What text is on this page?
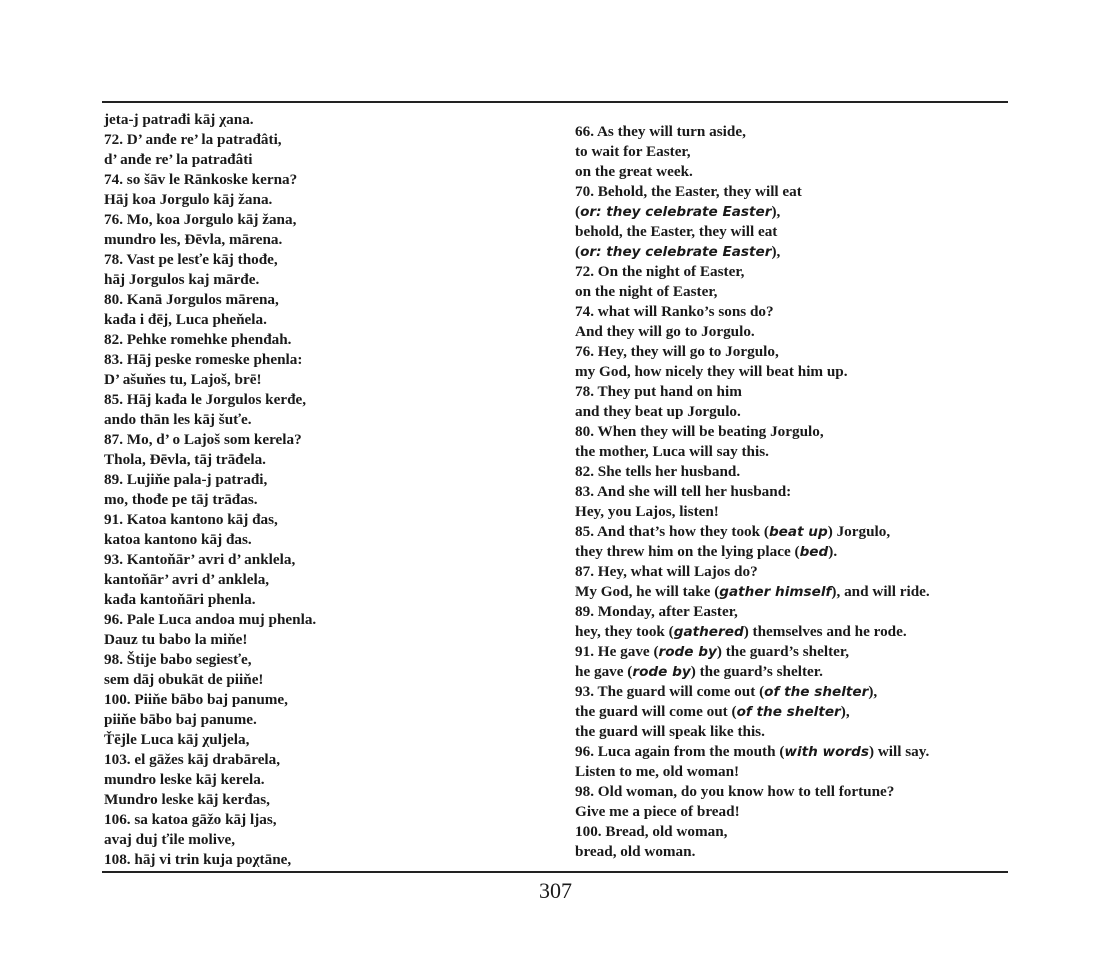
jeta-j patrađi kāj χana.
72. D’ anđe re’ la patrađâti,
d’ anđe re’ la patrađâti
74. so šāv le Rānkoske kerna?
Hāj koa Jorgulo kāj žana.
76. Mo, koa Jorgulo kāj žana,
mundro les, Đēvla, mārena.
78. Vast pe lesťe kāj thođe,
hāj Jorgulos kaj mārđe.
80. Kanā Jorgulos mārena,
kađa i đēj, Luca pheňela.
82. Pehke romehke phenđah.
83. Hāj peske romeske phenla:
D’ ašuňes tu, Lajoš, brē!
85. Hāj kađa le Jorgulos kerđe,
ando thān les kāj šuťe.
87. Mo, d’ o Lajoš som kerela?
Thola, Đēvla, tāj trāđela.
89. Lujiňe pala-j patrađi,
mo, thođe pe tāj trāđas.
91. Katoa kantono kāj đas,
katoa kantono kāj đas.
93. Kantoňār’ avri d’ anklela,
kantoňār’ avri d’ anklela,
kađa kantoňāri phenla.
96. Pale Luca andoa muj phenla.
Dauz tu babo la miňe!
98. Štije babo segiesťe,
sem dāj obukāt de piiňe!
100. Piiňe bābo baj panume,
piiňe bābo baj panume.
Ťējle Luca kāj χuljela,
103. el gāžes kāj drabārela,
mundro leske kāj kerela.
Mundro leske kāj kerđas,
106. sa katoa gāžo kāj ljas,
avaj duj ťile molive,
108. hāj vi trin kuja poχtāne,
66. As they will turn aside,
to wait for Easter,
on the great week.
70. Behold, the Easter, they will eat
(or: they celebrate Easter),
behold, the Easter, they will eat
(or: they celebrate Easter),
72. On the night of Easter,
on the night of Easter,
74. what will Ranko’s sons do?
And they will go to Jorgulo.
76. Hey, they will go to Jorgulo,
my God, how nicely they will beat him up.
78. They put hand on him
and they beat up Jorgulo.
80. When they will be beating Jorgulo,
the mother, Luca will say this.
82. She tells her husband.
83. And she will tell her husband:
Hey, you Lajos, listen!
85. And that’s how they took (beat up) Jorgulo,
they threw him on the lying place (bed).
87. Hey, what will Lajos do?
My God, he will take (gather himself), and will ride.
89. Monday, after Easter,
hey, they took (gathered) themselves and he rode.
91. He gave (rode by) the guard’s shelter,
he gave (rode by) the guard’s shelter.
93. The guard will come out (of the shelter),
the guard will come out (of the shelter),
the guard will speak like this.
96. Luca again from the mouth (with words) will say.
Listen to me, old woman!
98. Old woman, do you know how to tell fortune?
Give me a piece of bread!
100. Bread, old woman,
bread, old woman.
307
